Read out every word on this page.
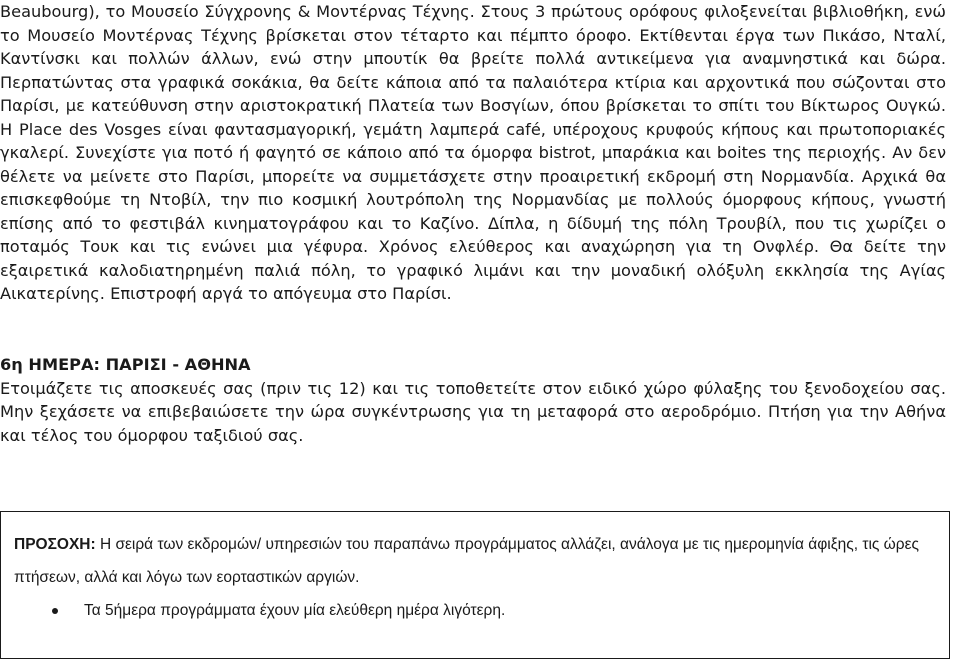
Beaubourg), το Μουσείο Σύγχρονης & Μοντέρνας Τέχνης. Στους 3 πρώτους ορόφους φιλοξενείται βιβλιοθήκη, ενώ το Μουσείο Μοντέρνας Τέχνης βρίσκεται στον τέταρτο και πέμπτο όροφο. Εκτίθενται έργα των Πικάσο, Νταλί, Καντίνσκι και πολλών άλλων, ενώ στην μπουτίκ θα βρείτε πολλά αντικείμενα για αναμνηστικά και δώρα. Περπατώντας στα γραφικά σοκάκια, θα δείτε κάποια από τα παλαιότερα κτίρια και αρχοντικά που σώζονται στο Παρίσι, με κατεύθυνση στην αριστοκρατική Πλατεία των Βοσγίων, όπου βρίσκεται το σπίτι του Βίκτωρος Ουγκώ. Η Place des Vosges είναι φαντασμαγορική, γεμάτη λαμπερά café, υπέροχους κρυφούς κήπους και πρωτοποριακές γκαλερί. Συνεχίστε για ποτό ή φαγητό σε κάποιο από τα όμορφα bistrot, μπαράκια και boites της περιοχής. Αν δεν θέλετε να μείνετε στο Παρίσι, μπορείτε να συμμετάσχετε στην προαιρετική εκδρομή στη Νορμανδία. Αρχικά θα επισκεφθούμε τη Ντοβίλ, την πιο κοσμική λουτρόπολη της Νορμανδίας με πολλούς όμορφους κήπους, γνωστή επίσης από το φεστιβάλ κινηματογράφου και το Καζίνο. Δίπλα, η δίδυμή της πόλη Τρουβίλ, που τις χωρίζει ο ποταμός Τουκ και τις ενώνει μια γέφυρα. Χρόνος ελεύθερος και αναχώρηση για τη Ονφλέρ. Θα δείτε την εξαιρετικά καλοδιατηρημένη παλιά πόλη, το γραφικό λιμάνι και την μοναδική ολόξυλη εκκλησία της Αγίας Αικατερίνης. Επιστροφή αργά το απόγευμα στο Παρίσι.

6η ΗΜΕΡΑ: ΠΑΡΙΣΙ - ΑΘΗΝΑ

Ετοιμάζετε τις αποσκευές σας (πριν τις 12) και τις τοποθετείτε στον ειδικό χώρο φύλαξης του ξενοδοχείου σας. Μην ξεχάσετε να επιβεβαιώσετε την ώρα συγκέντρωσης για τη μεταφορά στο αεροδρόμιο. Πτήση για την Αθήνα και τέλος του όμορφου ταξιδιού σας.

ΠΡΟΣΟΧΗ: Η σειρά των εκδρομών/ υπηρεσιών του παραπάνω προγράμματος αλλάζει, ανάλογα με τις ημερομηνία άφιξης, τις ώρες πτήσεων, αλλά και λόγω των εορταστικών αργιών.

Τα 5ήμερα προγράμματα έχουν μία ελεύθερη ημέρα λιγότερη.
